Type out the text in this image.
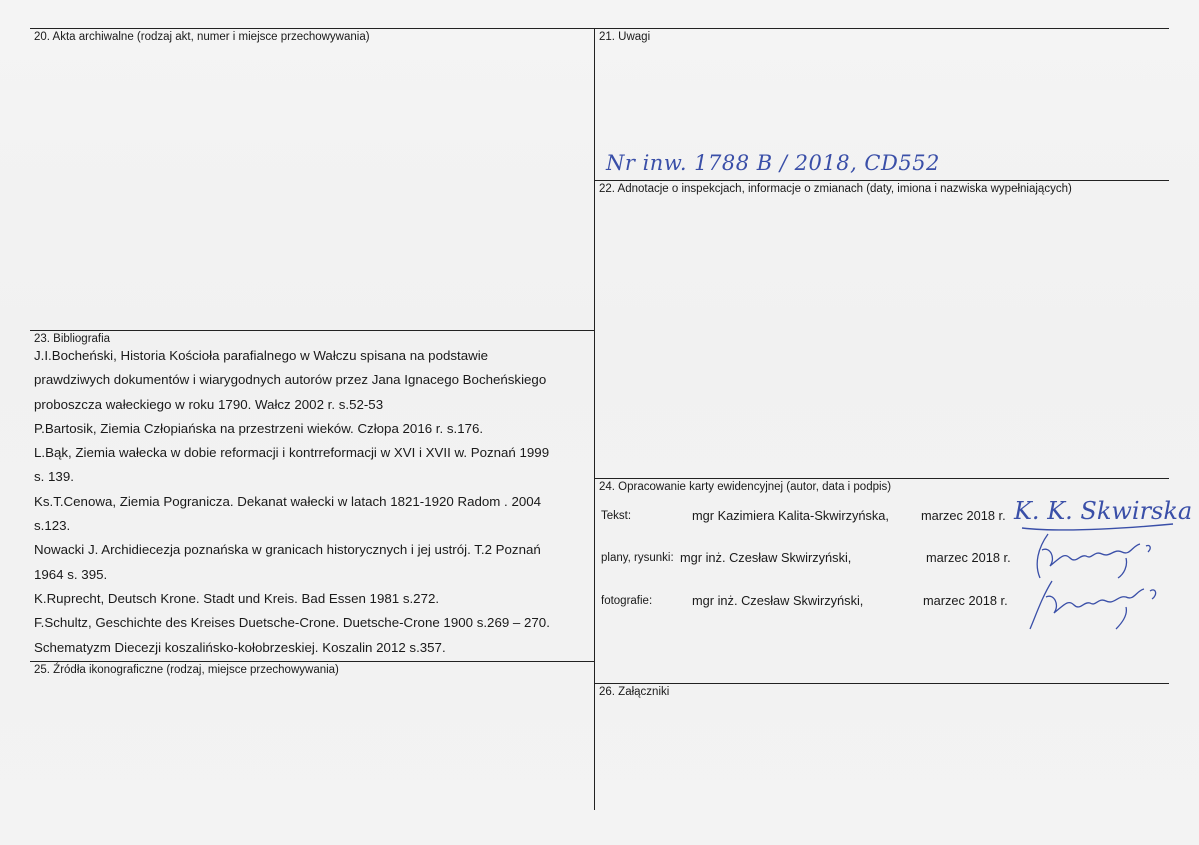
20. Akta archiwalne (rodzaj akt, numer i miejsce przechowywania)	21. Uwagi
Nr inw. 1788 B / 2018, CD552
22. Adnotacje o inspekcjach, informacje o zmianach (daty, imiona i nazwiska wypełniających)
23. Bibliografia
J.I.Bocheński, Historia Kościoła parafialnego w Wałczu spisana na podstawie
prawdziwych dokumentów i wiarygodnych autorów przez Jana Ignacego Bocheńskiego
proboszcza wałeckiego w roku 1790. Wałcz 2002 r. s.52-53
P.Bartosik, Ziemia Człopiańska na przestrzeni wieków. Człopa 2016 r. s.176.
L.Bąk, Ziemia wałecka w dobie reformacji i kontrreformacji w XVI i XVII w. Poznań 1999
s. 139.
Ks.T.Cenowa, Ziemia Pogranicza. Dekanat wałecki w latach 1821-1920 Radom . 2004
s.123.
Nowacki J. Archidiecezja poznańska w granicach historycznych i jej ustrój. T.2 Poznań
1964 s. 395.
K.Ruprecht, Deutsch Krone. Stadt und Kreis. Bad Essen 1981 s.272.
F.Schultz, Geschichte des Kreises Duetsche-Crone. Duetsche-Crone 1900 s.269 – 270.
Schematyzm Diecezji koszalińsko-kołobrzeskiej. Koszalin 2012 s.357.
24. Opracowanie karty ewidencyjnej (autor, data i podpis)
Tekst:	mgr Kazimiera Kalita-Skwirzyńska,	marzec 2018 r.
plany, rysunki: mgr inż. Czesław Skwirzyński,	marzec 2018 r.
fotografie:	mgr inż. Czesław Skwirzyński,	marzec 2018 r.
K. K. Skwirska
25. Źródła ikonograficzne (rodzaj, miejsce przechowywania)
26. Załączniki
